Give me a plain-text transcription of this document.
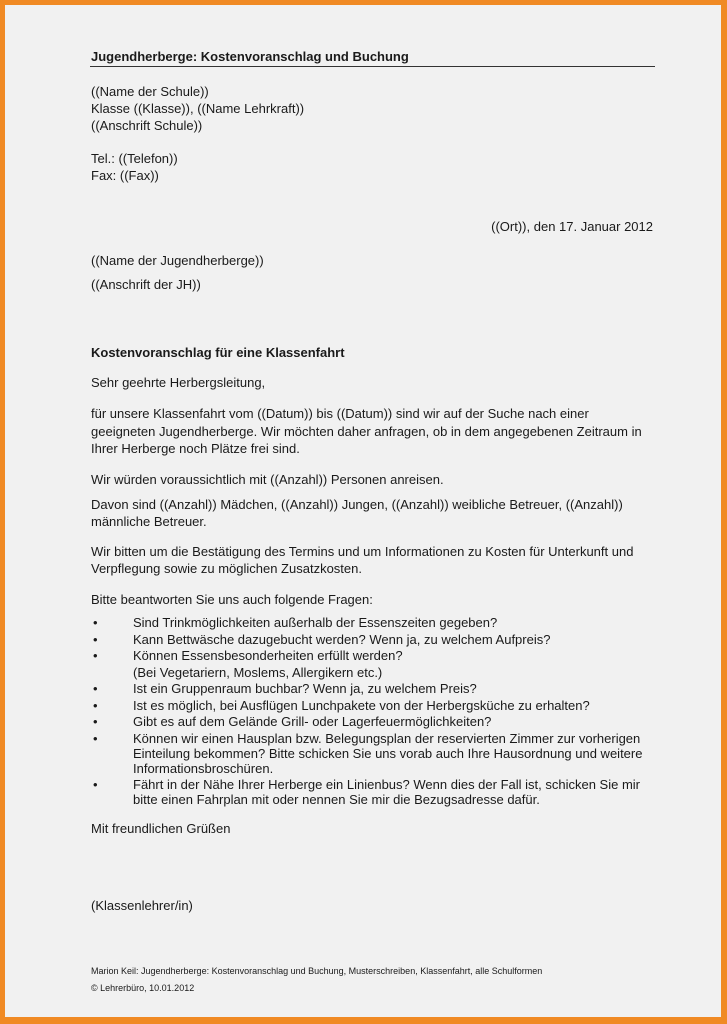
Jugendherberge: Kostenvoranschlag und Buchung
((Name der Schule))
Klasse ((Klasse)), ((Name Lehrkraft))
((Anschrift Schule))
Tel.: ((Telefon))
Fax: ((Fax))
((Ort)), den 17. Januar 2012
((Name der Jugendherberge))
((Anschrift der JH))
Kostenvoranschlag für eine Klassenfahrt
Sehr geehrte Herbergsleitung,
für unsere Klassenfahrt vom ((Datum)) bis ((Datum)) sind wir auf der Suche nach einer
geeigneten Jugendherberge. Wir möchten daher anfragen, ob in dem angegebenen Zeitraum in
Ihrer Herberge noch Plätze frei sind.
Wir würden voraussichtlich mit ((Anzahl)) Personen anreisen.
Davon sind ((Anzahl)) Mädchen, ((Anzahl)) Jungen, ((Anzahl)) weibliche Betreuer, ((Anzahl))
männliche Betreuer.
Wir bitten um die Bestätigung des Termins und um Informationen zu Kosten für Unterkunft und
Verpflegung sowie zu möglichen Zusatzkosten.
Bitte beantworten Sie uns auch folgende Fragen:
•	Sind Trinkmöglichkeiten außerhalb der Essenszeiten gegeben?
•	Kann Bettwäsche dazugebucht werden? Wenn ja, zu welchem Aufpreis?
•	Können Essensbesonderheiten erfüllt werden?
(Bei Vegetariern, Moslems, Allergikern etc.)
•	Ist ein Gruppenraum buchbar? Wenn ja, zu welchem Preis?
•	Ist es möglich, bei Ausflügen Lunchpakete von der Herbergsküche zu erhalten?
•	Gibt es auf dem Gelände Grill- oder Lagerfeuermöglichkeiten?
•	Können wir einen Hausplan bzw. Belegungsplan der reservierten Zimmer zur vorherigen
Einteilung bekommen? Bitte schicken Sie uns vorab auch Ihre Hausordnung und weitere
Informationsbroschüren.
•	Fährt in der Nähe Ihrer Herberge ein Linienbus? Wenn dies der Fall ist, schicken Sie mir
bitte einen Fahrplan mit oder nennen Sie mir die Bezugsadresse dafür.
Mit freundlichen Grüßen
(Klassenlehrer/in)
Marion Keil: Jugendherberge: Kostenvoranschlag und Buchung, Musterschreiben, Klassenfahrt, alle Schulformen
© Lehrerbüro, 10.01.2012
